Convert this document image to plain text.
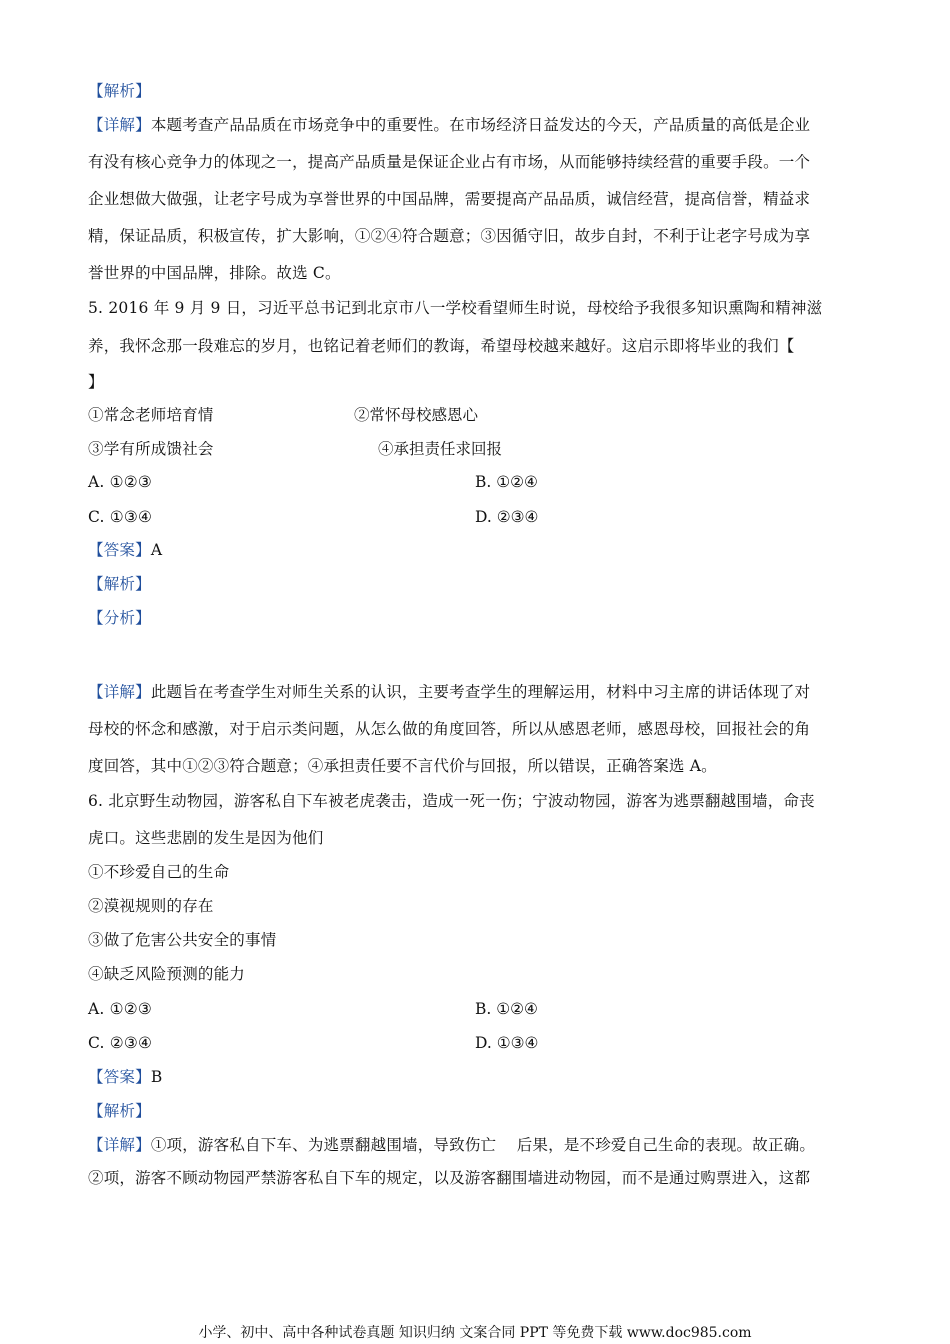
【解析】
【详解】本题考查产品品质在市场竞争中的重要性。在市场经济日益发达的今天，产品质量的高低是企业
有没有核心竞争力的体现之一，提高产品质量是保证企业占有市场，从而能够持续经营的重要手段。一个
企业想做大做强，让老字号成为享誉世界的中国品牌，需要提高产品品质，诚信经营，提高信誉，精益求
精，保证品质，积极宣传，扩大影响，①②④符合题意；③因循守旧，故步自封，不利于让老字号成为享
誉世界的中国品牌，排除。故选 C。
5. 2016 年 9 月 9 日，习近平总书记到北京市八一学校看望师生时说，母校给予我很多知识熏陶和精神滋
养，我怀念那一段难忘的岁月，也铭记着老师们的教诲，希望母校越来越好。这启示即将毕业的我们【
】
①常念老师培育情	②常怀母校感恩心
③学有所成馈社会	④承担责任求回报
A. ①②③	B. ①②④
C. ①③④	D. ②③④
【答案】A
【解析】
【分析】
【详解】此题旨在考查学生对师生关系的认识，主要考查学生的理解运用，材料中习主席的讲话体现了对
母校的怀念和感激，对于启示类问题，从怎么做的角度回答，所以从感恩老师，感恩母校，回报社会的角
度回答，其中①②③符合题意；④承担责任要不言代价与回报，所以错误，正确答案选 A。
6. 北京野生动物园，游客私自下车被老虎袭击，造成一死一伤；宁波动物园，游客为逃票翻越围墙，命丧
虎口。这些悲剧的发生是因为他们
①不珍爱自己的生命
②漠视规则的存在
③做了危害公共安全的事情
④缺乏风险预测的能力
A. ①②③	B. ①②④
C. ②③④	D. ①③④
【答案】B
【解析】
【详解】①项，游客私自下车、为逃票翻越围墙，导致伤亡    后果，是不珍爱自己生命的表现。故正确。
②项，游客不顾动物园严禁游客私自下车的规定，以及游客翻围墙进动物园，而不是通过购票进入，这都
小学、初中、高中各种试卷真题 知识归纳 文案合同 PPT 等免费下载 www.doc985.com
